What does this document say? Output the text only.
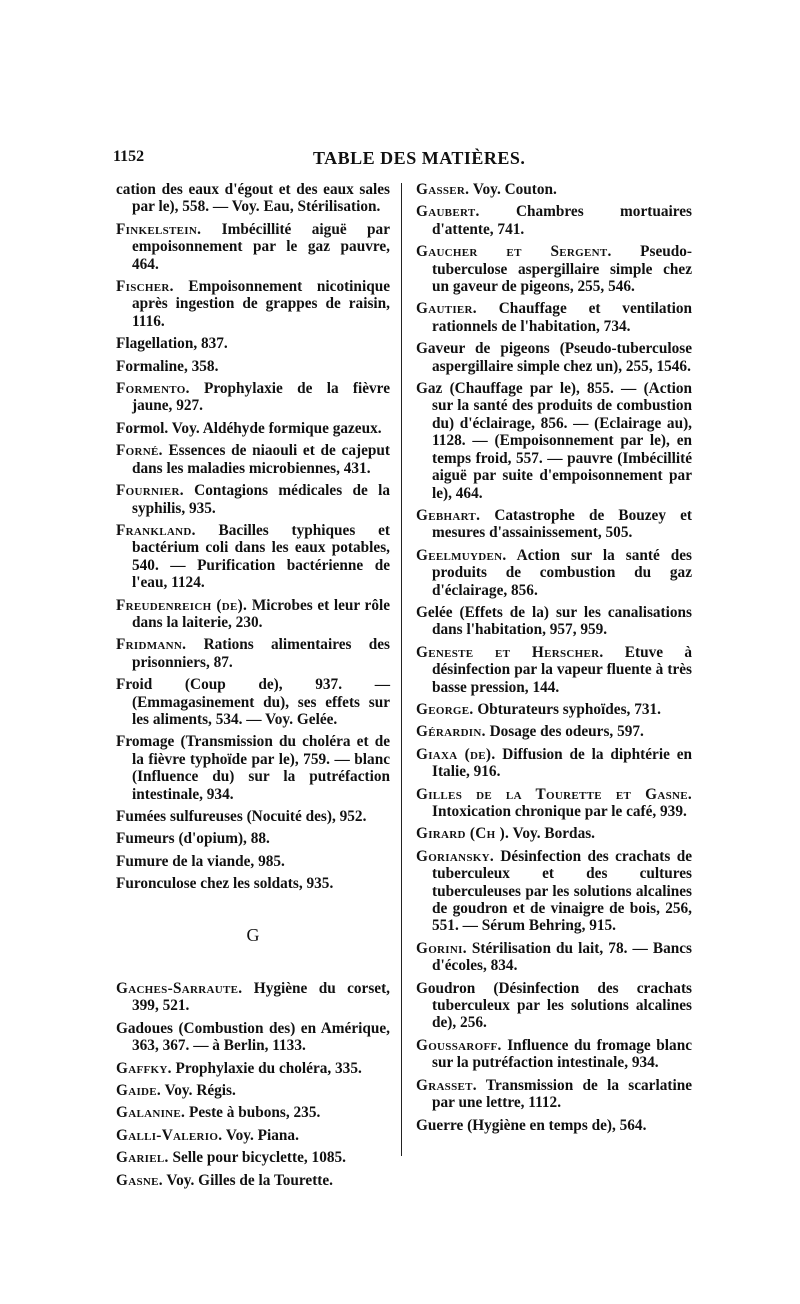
1152	TABLE DES MATIÈRES.

cation des eaux d'égout et des eaux sales par le), 558. — Voy. Eau, Stérilisation.

Finkelstein. Imbécillité aiguë par empoisonnement par le gaz pauvre, 464.

Fischer. Empoisonnement nicotinique après ingestion de grappes de raisin, 1116.

Flagellation, 837.

Formaline, 358.

Formento. Prophylaxie de la fièvre jaune, 927.

Formol. Voy. Aldéhyde formique gazeux.

Forné. Essences de niaouli et de cajeput dans les maladies microbiennes, 431.

Fournier. Contagions médicales de la syphilis, 935.

Frankland. Bacilles typhiques et bactérium coli dans les eaux potables, 540. — Purification bactérienne de l'eau, 1124.

Freudenreich (de). Microbes et leur rôle dans la laiterie, 230.

Fridmann. Rations alimentaires des prisonniers, 87.

Froid (Coup de), 937. — (Emmagasinement du), ses effets sur les aliments, 534. — Voy. Gelée.

Fromage (Transmission du choléra et de la fièvre typhoïde par le), 759. — blanc (Influence du) sur la putréfaction intestinale, 934.

Fumées sulfureuses (Nocuité des), 952.

Fumeurs (d'opium), 88.

Fumure de la viande, 985.

Furonculose chez les soldats, 935.

G

Gaches-Sarraute. Hygiène du corset, 399, 521.

Gadoues (Combustion des) en Amérique, 363, 367. — à Berlin, 1133.

Gaffky. Prophylaxie du choléra, 335.

Gaide. Voy. Régis.

Galanine. Peste à bubons, 235.

Galli-Valerio. Voy. Piana.

Gariel. Selle pour bicyclette, 1085.

Gasne. Voy. Gilles de la Tourette.

Gasser. Voy. Couton.

Gaubert. Chambres mortuaires d'attente, 741.

Gaucher et Sergent. Pseudo-tuberculose aspergillaire simple chez un gaveur de pigeons, 255, 546.

Gautier. Chauffage et ventilation rationnels de l'habitation, 734.

Gaveur de pigeons (Pseudo-tuberculose aspergillaire simple chez un), 255, 1546.

Gaz (Chauffage par le), 855. — (Action sur la santé des produits de combustion du) d'éclairage, 856. — (Eclairage au), 1128. — (Empoisonnement par le), en temps froid, 557. — pauvre (Imbécillité aiguë par suite d'empoisonnement par le), 464.

Gebhart. Catastrophe de Bouzey et mesures d'assainissement, 505.

Geelmuyden. Action sur la santé des produits de combustion du gaz d'éclairage, 856.

Gelée (Effets de la) sur les canalisations dans l'habitation, 957, 959.

Geneste et Herscher. Etuve à désinfection par la vapeur fluente à très basse pression, 144.

George. Obturateurs syphoïdes, 731.

Gérardin. Dosage des odeurs, 597.

Giaxa (de). Diffusion de la diphtérie en Italie, 916.

Gilles de la Tourette et Gasne. Intoxication chronique par le café, 939.

Girard (Ch ). Voy. Bordas.

Goriansky. Désinfection des crachats de tuberculeux et des cultures tuberculeuses par les solutions alcalines de goudron et de vinaigre de bois, 256, 551. — Sérum Behring, 915.

Gorini. Stérilisation du lait, 78. — Bancs d'écoles, 834.

Goudron (Désinfection des crachats tuberculeux par les solutions alcalines de), 256.

Goussaroff. Influence du fromage blanc sur la putréfaction intestinale, 934.

Grasset. Transmission de la scarlatine par une lettre, 1112.

Guerre (Hygiène en temps de), 564.
